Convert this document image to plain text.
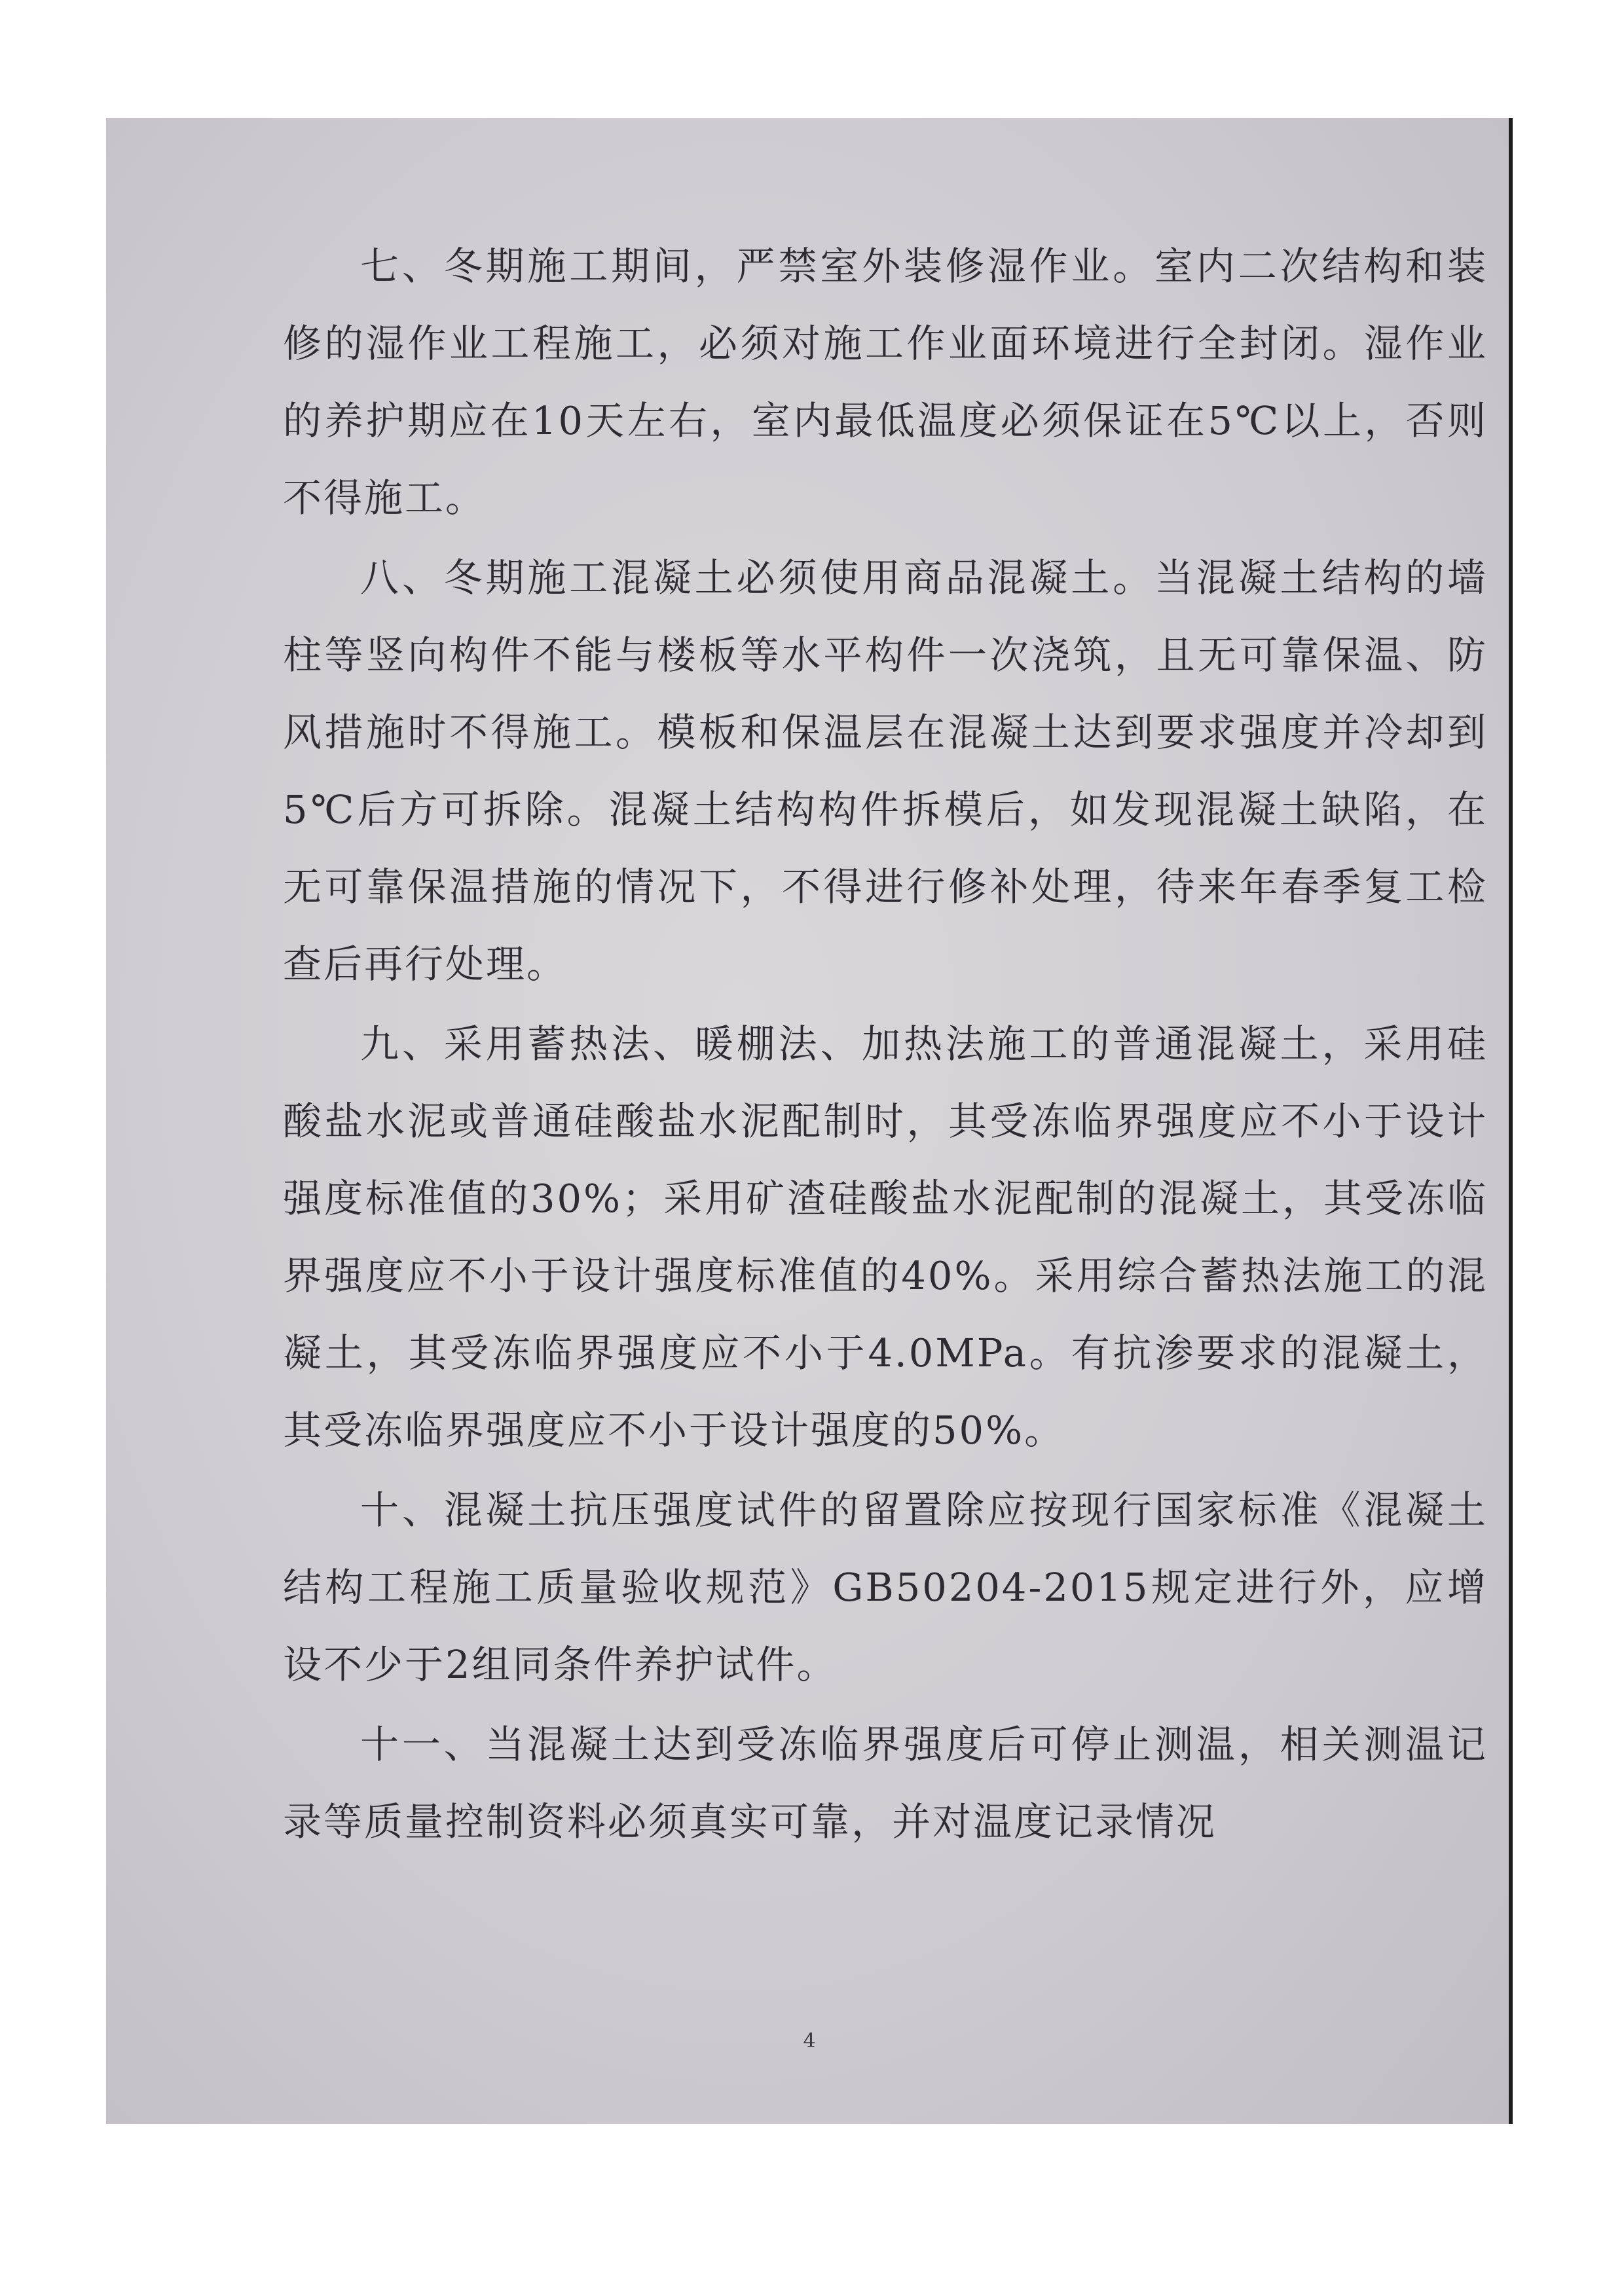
七、冬期施工期间，严禁室外装修湿作业。室内二次结构和装修的湿作业工程施工，必须对施工作业面环境进行全封闭。湿作业的养护期应在10天左右，室内最低温度必须保证在5℃以上，否则不得施工。
八、冬期施工混凝土必须使用商品混凝土。当混凝土结构的墙柱等竖向构件不能与楼板等水平构件一次浇筑，且无可靠保温、防风措施时不得施工。模板和保温层在混凝土达到要求强度并冷却到5℃后方可拆除。混凝土结构构件拆模后，如发现混凝土缺陷，在无可靠保温措施的情况下，不得进行修补处理，待来年春季复工检查后再行处理。
九、采用蓄热法、暖棚法、加热法施工的普通混凝土，采用硅酸盐水泥或普通硅酸盐水泥配制时，其受冻临界强度应不小于设计强度标准值的30%；采用矿渣硅酸盐水泥配制的混凝土，其受冻临界强度应不小于设计强度标准值的40%。采用综合蓄热法施工的混凝土，其受冻临界强度应不小于4.0MPa。有抗渗要求的混凝土，其受冻临界强度应不小于设计强度的50%。
十、混凝土抗压强度试件的留置除应按现行国家标准《混凝土结构工程施工质量验收规范》GB50204-2015规定进行外，应增设不少于2组同条件养护试件。
十一、当混凝土达到受冻临界强度后可停止测温，相关测温记录等质量控制资料必须真实可靠，并对温度记录情况
4
